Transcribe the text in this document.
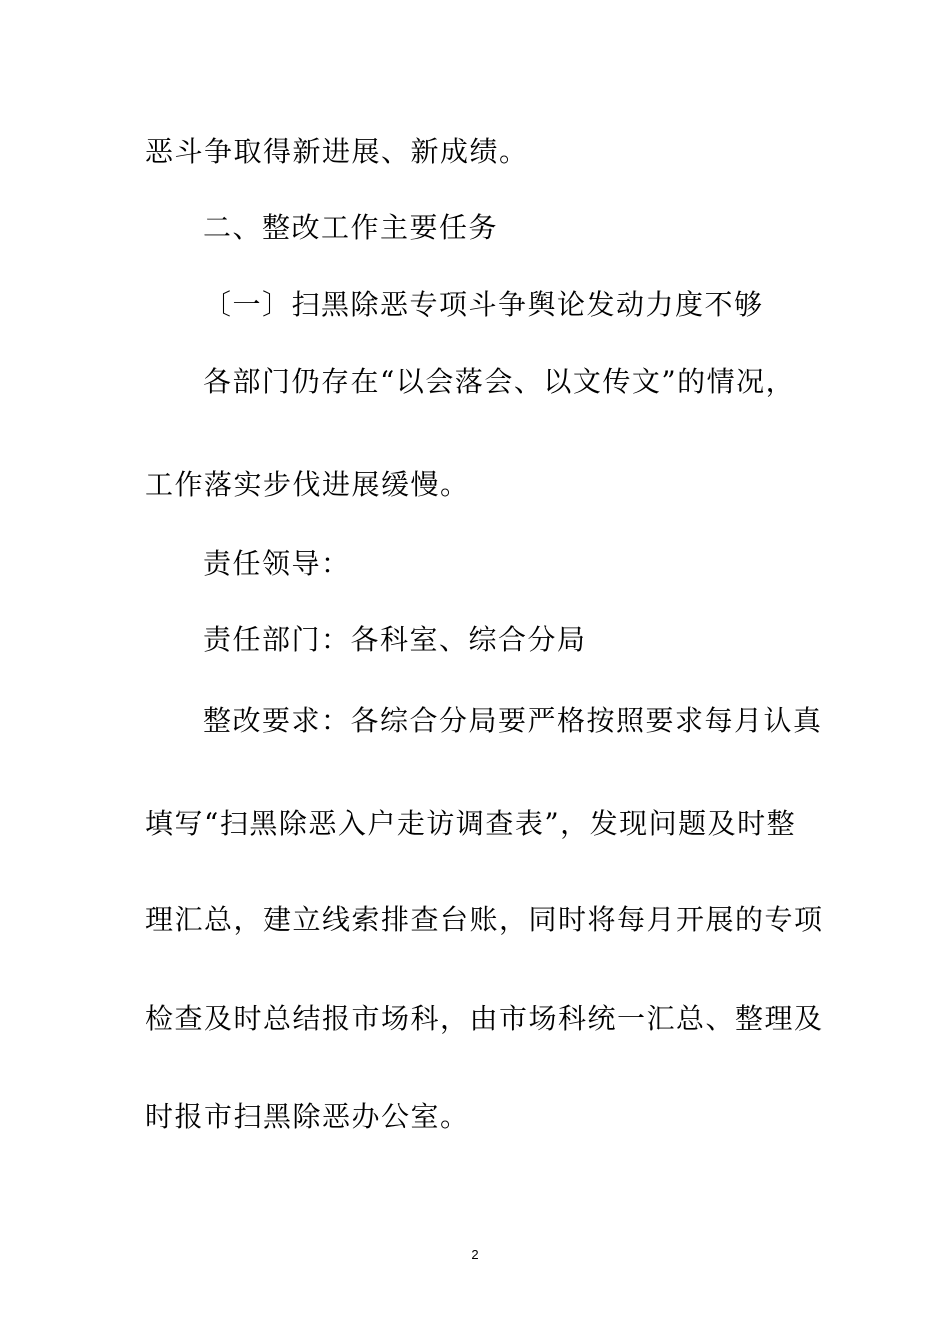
恶斗争取得新进展、新成绩。
二、整改工作主要任务
〔一〕扫黑除恶专项斗争舆论发动力度不够
各部门仍存在“以会落会、以文传文”的情况，
工作落实步伐进展缓慢。
责任领导：
责任部门：各科室、综合分局
整改要求：各综合分局要严格按照要求每月认真
填写“扫黑除恶入户走访调查表”，发现问题及时整
理汇总，建立线索排查台账，同时将每月开展的专项
检查及时总结报市场科，由市场科统一汇总、整理及
时报市扫黑除恶办公室。
2
